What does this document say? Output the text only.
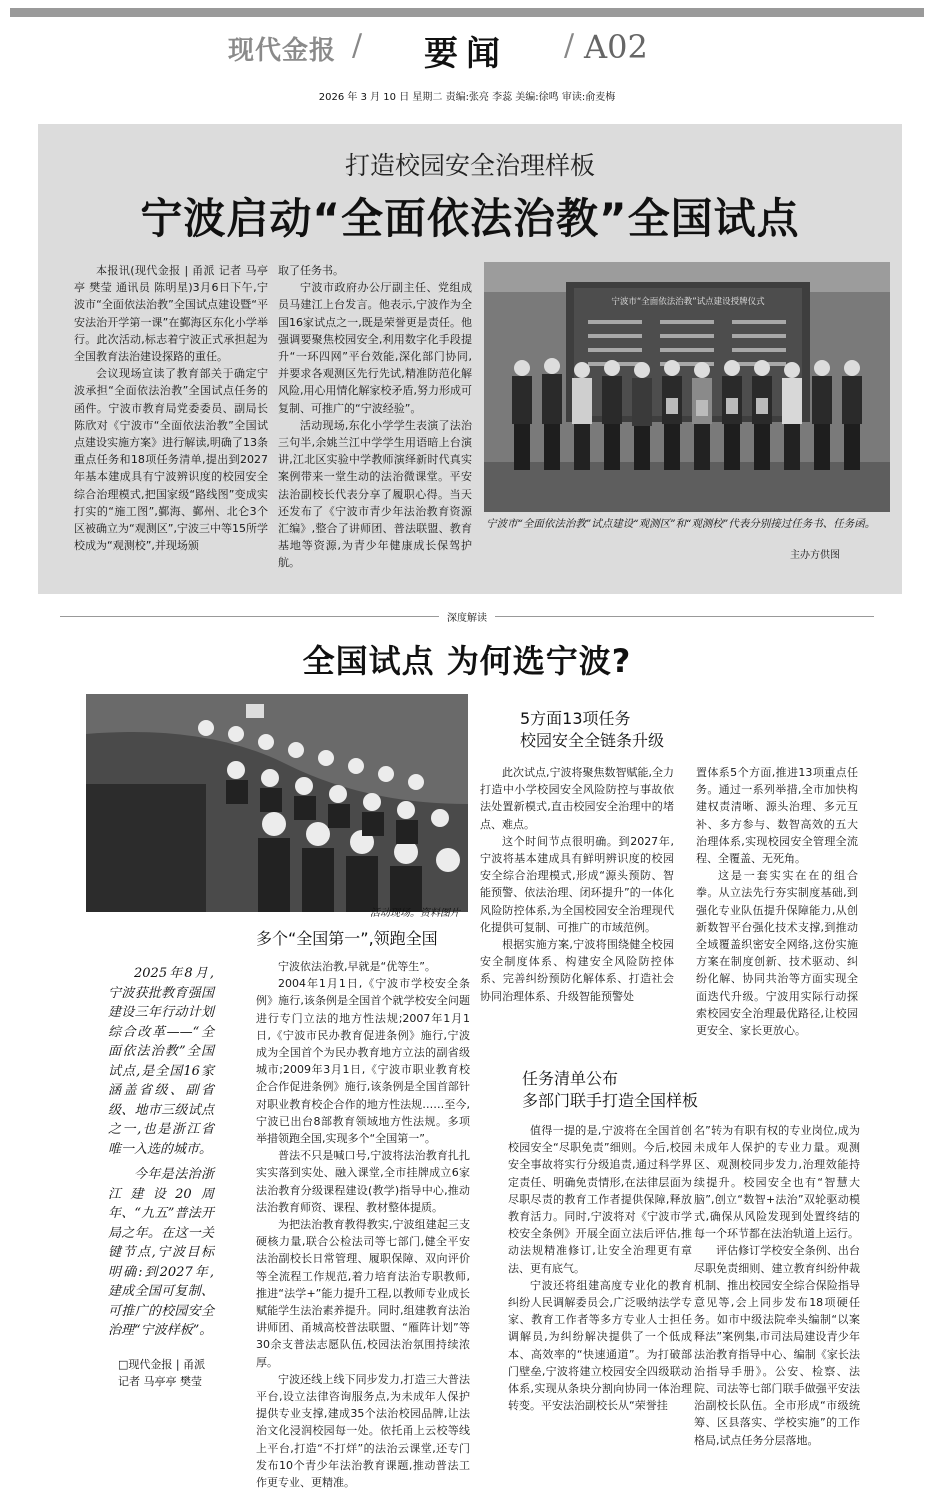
现代金报 / 要闻 / A02
2026 年 3 月 10 日 星期二 责编:张亮 李蕊 美编:徐鸣 审读:俞麦梅
打造校园安全治理样板
宁波启动“全面依法治教”全国试点

本报讯(现代金报 | 甬派 记者 马亭亭 樊莹 通讯员 陈明星)3月6日下午,宁波市“全面依法治教”全国试点建设暨“平安法治开学第一课”在鄞海区东化小学举行。此次活动,标志着宁波正式承担起为全国教育法治建设探路的重任。

会议现场宣读了教育部关于确定宁波承担“全面依法治教”全国试点任务的函件。宁波市教育局党委委员、副局长陈欣对《宁波市“全面依法治教”全国试点建设实施方案》进行解读,明确了13条重点任务和18项任务清单,提出到2027年基本建成具有宁波辨识度的校园安全综合治理模式,把国家级“路线图”变成实打实的“施工图”,鄞海、鄞州、北仑3个区被确立为“观测区”,宁波三中等15所学校成为“观测校”,并现场颁

取了任务书。

宁波市政府办公厅副主任、党组成员马建江上台发言。他表示,宁波作为全国16家试点之一,既是荣誉更是责任。他强调要聚焦校园安全,利用数字化手段提升“一环四网”平台效能,深化部门协同,并要求各观测区先行先试,精准防范化解风险,用心用情化解家校矛盾,努力形成可复制、可推广的“宁波经验”。

活动现场,东化小学学生表演了法治三句半,余姚兰江中学学生用语暗上台演讲,江北区实验中学教师演绎新时代真实案例带来一堂生动的法治微课堂。平安法治副校长代表分享了履职心得。当天还发布了《宁波市青少年法治教育资源汇编》,整合了讲师团、普法联盟、教育基地等资源,为青少年健康成长保驾护航。

宁波市“全面依法治教”试点建设授牌仪式
宁波市“全面依法治教”试点建设“观测区”和“观测校”代表分别接过任务书、任务函。
主办方供图
深度解读
全国试点 为何选宁波?
活动现场。资料图片
5方面13项任务
校园安全全链条升级

此次试点,宁波将聚焦数智赋能,全力打造中小学校园安全风险防控与事故依法处置新模式,直击校园安全治理中的堵点、难点。

这个时间节点很明确。到2027年,宁波将基本建成具有鲜明辨识度的校园安全综合治理模式,形成“源头预防、智能预警、依法治理、闭环提升”的一体化风险防控体系,为全国校园安全治理现代化提供可复制、可推广的市域范例。

根据实施方案,宁波将围绕健全校园安全制度体系、构建安全风险防控体系、完善纠纷预防化解体系、打造社会协同治理体系、升级智能预警处

置体系5个方面,推进13项重点任务。通过一系列举措,全市加快构建权责清晰、源头治理、多元互补、多方参与、数智高效的五大治理体系,实现校园安全管理全流程、全覆盖、无死角。

这是一套实实在在的组合拳。从立法先行夯实制度基础,到强化专业队伍提升保障能力,从创新数智平台强化技术支撑,到推动全域覆盖织密安全网络,这份实施方案在制度创新、技术驱动、纠纷化解、协同共治等方面实现全面迭代升级。宁波用实际行动探索校园安全治理最优路径,让校园更安全、家长更放心。

多个“全国第一”,领跑全国

宁波依法治教,早就是“优等生”。

2004年1月1日,《宁波市学校安全条例》施行,该条例是全国首个就学校安全问题进行专门立法的地方性法规;2007年1月1日,《宁波市民办教育促进条例》施行,宁波成为全国首个为民办教育地方立法的副省级城市;2009年3月1日,《宁波市职业教育校企合作促进条例》施行,该条例是全国首部针对职业教育校企合作的地方性法规……至今,宁波已出台8部教育领域地方性法规。多项举措领跑全国,实现多个“全国第一”。

普法不只是喊口号,宁波将法治教育扎扎实实落到实处、融入课堂,全市挂牌成立6家法治教育分级课程建设(教学)指导中心,推动法治教育师资、课程、教材整体提质。

为把法治教育教得教实,宁波组建起三支硬核力量,联合公检法司等七部门,健全平安法治副校长日常管理、履职保障、双向评价等全流程工作规范,着力培育法治专职教师,推进“法学+”能力提升工程,以教师专业成长赋能学生法治素养提升。同时,组建教育法治讲师团、甬城高校普法联盟、“雁阵计划”等30余支普法志愿队伍,校园法治氛围持续浓厚。

宁波还线上线下同步发力,打造三大普法平台,设立法律咨询服务点,为未成年人保护提供专业支撑,建成35个法治校园品牌,让法治文化浸润校园每一处。依托甬上云校等线上平台,打造“不打烊”的法治云课堂,还专门发布10个青少年法治教育课题,推动普法工作更专业、更精准。

任务清单公布
多部门联手打造全国样板

值得一提的是,宁波将在全国首创校园安全“尽职免责”细则。今后,校园安全事故将实行分级追责,通过科学界定责任、明确免责情形,在法律层面为尽职尽责的教育工作者提供保障,释放教育活力。同时,宁波将对《宁波市学校安全条例》开展全面立法后评估,推动法规精准修订,让安全治理更有章法、更有底气。

宁波还将组建高度专业化的教育纠纷人民调解委员会,广泛吸纳法学专家、教育工作者等多方专业人士担任调解员,为纠纷解决提供了一个低成本、高效率的“快速通道”。为打破部门壁垒,宁波将建立校园安全四级联动体系,实现从条块分割向协同一体治理转变。平安法治副校长从“荣誉挂

名”转为有职有权的专业岗位,成为未成年人保护的专业力量。观测区、观测校同步发力,治理效能持续提升。校园安全也有“智慧大脑”,创立“数智+法治”双轮驱动模式,确保从风险发现到处置终结的每一个环节都在法治轨道上运行。

评估修订学校安全条例、出台尽职免责细则、建立教育纠纷仲裁机制、推出校园安全综合保险指导意见等,会上同步发布18项硬任务。如市中级法院牵头编制“以案释法”案例集,市司法局建设青少年法治教育指导中心、编制《家长法治指导手册》。公安、检察、法院、司法等七部门联手做强平安法治副校长队伍。全市形成“市级统筹、区县落实、学校实施”的工作格局,试点任务分层落地。

2025年8月,宁波获批教育强国建设三年行动计划综合改革——“全面依法治教”全国试点,是全国16家涵盖省级、副省级、地市三级试点之一,也是浙江省唯一入选的城市。

今年是法治浙江建设20周年、“九五”普法开局之年。在这一关键节点,宁波目标明确:到2027年,建成全国可复制、可推广的校园安全治理“宁波样板”。

□现代金报 | 甬派 记者 马亭亭 樊莹
